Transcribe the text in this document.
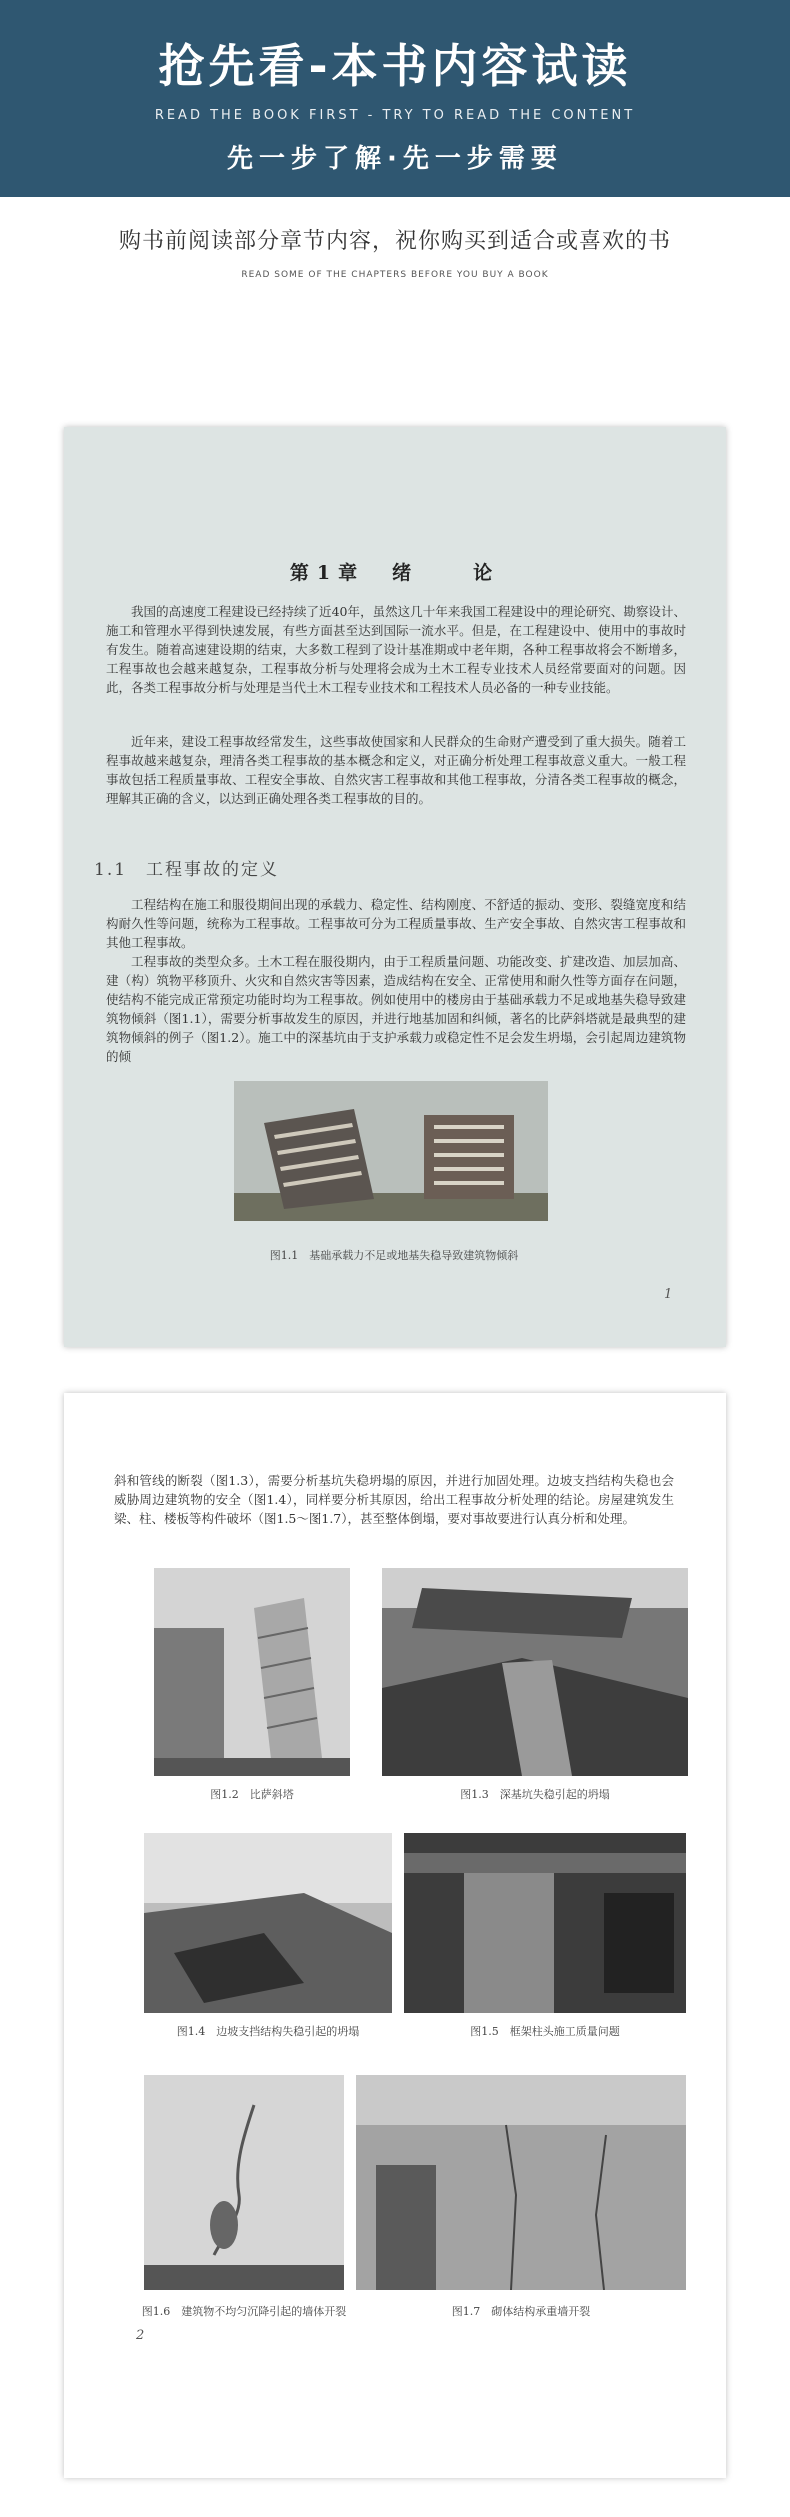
抢先看-本书内容试读
READ THE BOOK FIRST - TRY TO READ THE CONTENT
先一步了解·先一步需要
购书前阅读部分章节内容，祝你购买到适合或喜欢的书
READ SOME OF THE CHAPTERS BEFORE YOU BUY A BOOK
第1章　绪　　论
我国的高速度工程建设已经持续了近40年，虽然这几十年来我国工程建设中的理论研究、勘察设计、施工和管理水平得到快速发展，有些方面甚至达到国际一流水平。但是，在工程建设中、使用中的事故时有发生。随着高速建设期的结束，大多数工程到了设计基准期或中老年期，各种工程事故将会不断增多，工程事故也会越来越复杂，工程事故分析与处理将会成为土木工程专业技术人员经常要面对的问题。因此，各类工程事故分析与处理是当代土木工程专业技术和工程技术人员必备的一种专业技能。
近年来，建设工程事故经常发生，这些事故使国家和人民群众的生命财产遭受到了重大损失。随着工程事故越来越复杂，理清各类工程事故的基本概念和定义，对正确分析处理工程事故意义重大。一般工程事故包括工程质量事故、工程安全事故、自然灾害工程事故和其他工程事故，分清各类工程事故的概念，理解其正确的含义，以达到正确处理各类工程事故的目的。
1.1　工程事故的定义
工程结构在施工和服役期间出现的承载力、稳定性、结构刚度、不舒适的振动、变形、裂缝宽度和结构耐久性等问题，统称为工程事故。工程事故可分为工程质量事故、生产安全事故、自然灾害工程事故和其他工程事故。
工程事故的类型众多。土木工程在服役期内，由于工程质量问题、功能改变、扩建改造、加层加高、建（构）筑物平移顶升、火灾和自然灾害等因素，造成结构在安全、正常使用和耐久性等方面存在问题，使结构不能完成正常预定功能时均为工程事故。例如使用中的楼房由于基础承载力不足或地基失稳导致建筑物倾斜（图1.1），需要分析事故发生的原因，并进行地基加固和纠倾，著名的比萨斜塔就是最典型的建筑物倾斜的例子（图1.2）。施工中的深基坑由于支护承载力或稳定性不足会发生坍塌，会引起周边建筑物的倾
图1.1　基础承载力不足或地基失稳导致建筑物倾斜
1
斜和管线的断裂（图1.3），需要分析基坑失稳坍塌的原因，并进行加固处理。边坡支挡结构失稳也会威胁周边建筑物的安全（图1.4），同样要分析其原因，给出工程事故分析处理的结论。房屋建筑发生梁、柱、楼板等构件破坏（图1.5～图1.7），甚至整体倒塌，要对事故要进行认真分析和处理。
图1.2　比萨斜塔	图1.3　深基坑失稳引起的坍塌
图1.4　边坡支挡结构失稳引起的坍塌	图1.5　框架柱头施工质量问题
图1.6　建筑物不均匀沉降引起的墙体开裂	图1.7　砌体结构承重墙开裂
2
